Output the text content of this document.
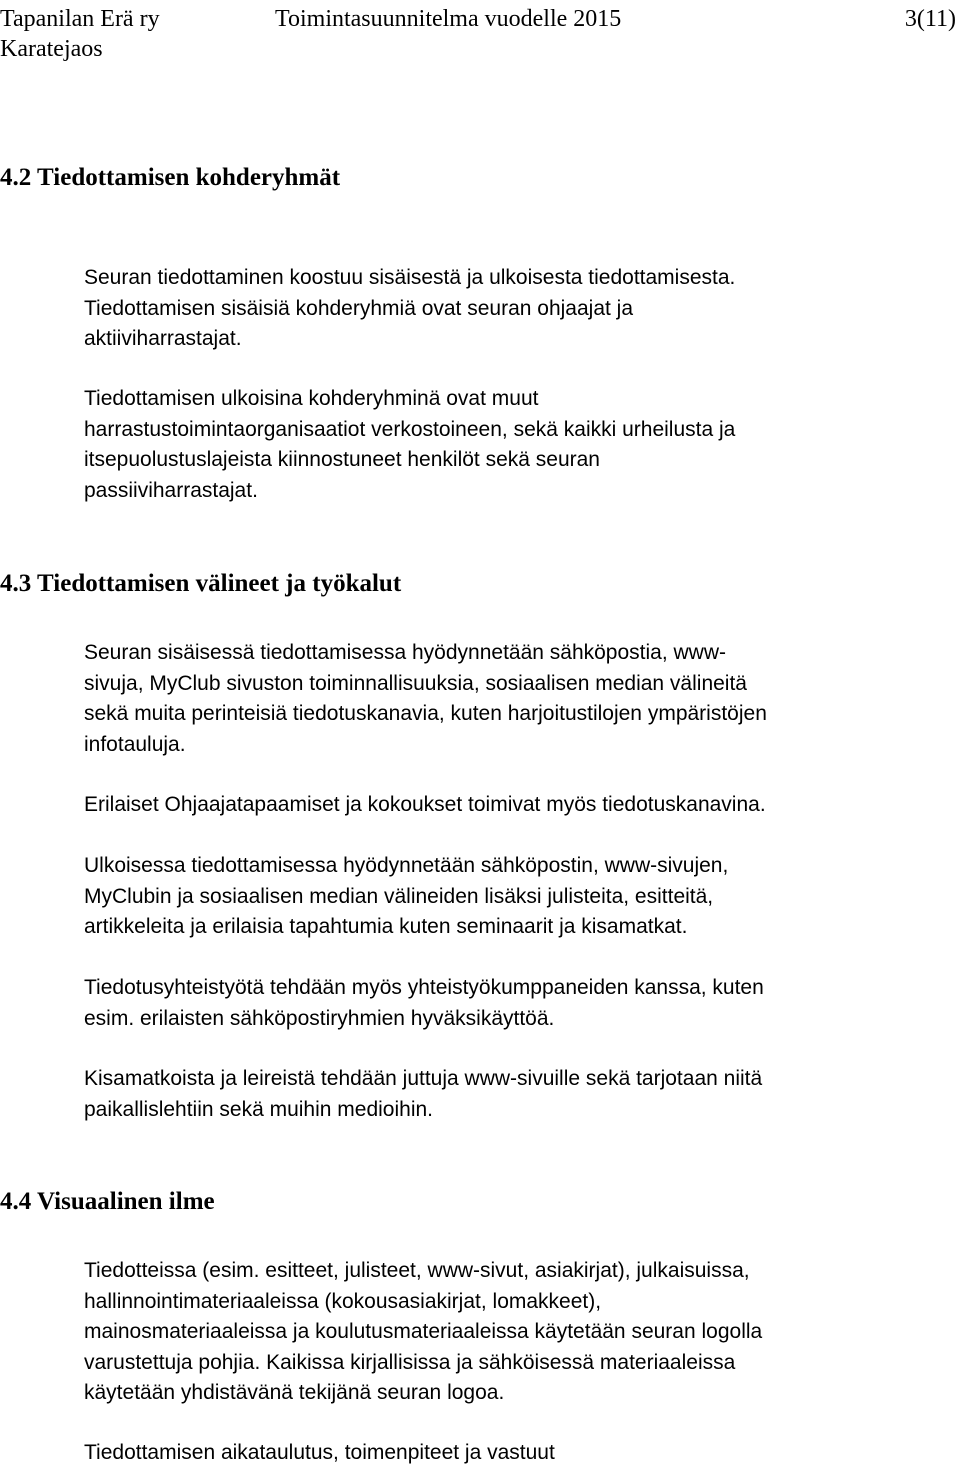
Tapanilan Erä ry	Toimintasuunnitelma vuodelle 2015	3(11)
Karatejaos
4.2 Tiedottamisen kohderyhmät
Seuran tiedottaminen koostuu sisäisestä ja ulkoisesta tiedottamisesta.
Tiedottamisen sisäisiä kohderyhmiä ovat seuran ohjaajat ja
aktiiviharrastajat.
Tiedottamisen ulkoisina kohderyhminä ovat muut
harrastustoimintaorganisaatiot verkostoineen, sekä kaikki urheilusta ja
itsepuolustuslajeista kiinnostuneet henkilöt sekä seuran
passiiviharrastajat.
4.3 Tiedottamisen välineet ja työkalut
Seuran sisäisessä tiedottamisessa hyödynnetään sähköpostia, www-
sivuja, MyClub sivuston toiminnallisuuksia, sosiaalisen median välineitä
sekä muita perinteisiä tiedotuskanavia, kuten harjoitustilojen ympäristöjen
infotauluja.
Erilaiset Ohjaajatapaamiset ja kokoukset toimivat myös tiedotuskanavina.
Ulkoisessa tiedottamisessa hyödynnetään sähköpostin, www-sivujen,
MyClubin ja sosiaalisen median välineiden lisäksi julisteita, esitteitä,
artikkeleita ja erilaisia tapahtumia kuten seminaarit ja kisamatkat.
Tiedotusyhteistyötä tehdään myös yhteistyökumppaneiden kanssa, kuten
esim. erilaisten sähköpostiryhmien hyväksikäyttöä.
Kisamatkoista ja leireistä tehdään juttuja www-sivuille sekä tarjotaan niitä
paikallislehtiin sekä muihin medioihin.
4.4 Visuaalinen ilme
Tiedotteissa (esim. esitteet, julisteet, www-sivut, asiakirjat), julkaisuissa,
hallinnointimateriaaleissa (kokousasiakirjat, lomakkeet),
mainosmateriaaleissa ja koulutusmateriaaleissa käytetään seuran logolla
varustettuja pohjia. Kaikissa kirjallisissa ja sähköisessä materiaaleissa
käytetään yhdistävänä tekijänä seuran logoa.
Tiedottamisen aikataulutus, toimenpiteet ja vastuut
